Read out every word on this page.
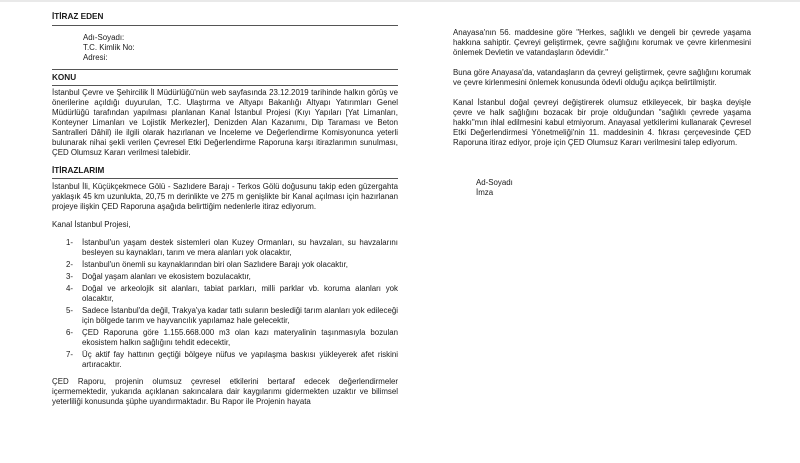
İTİRAZ EDEN

Adı-Soyadı:

T.C. Kimlik No:

Adresi:

KONU

İstanbul Çevre ve Şehircilik İl Müdürlüğü'nün web sayfasında 23.12.2019 tarihinde halkın görüş ve önerilerine açıldığı duyurulan, T.C. Ulaştırma ve Altyapı Bakanlığı Altyapı Yatırımları Genel Müdürlüğü tarafından yapılması planlanan Kanal İstanbul Projesi (Kıyı Yapıları [Yat Limanları, Konteyner Limanları ve Lojistik Merkezler], Denizden Alan Kazanımı, Dip Taraması ve Beton Santralleri Dâhil) ile ilgili olarak hazırlanan ve İnceleme ve Değerlendirme Komisyonunca yeterli bulunarak nihai şekli verilen Çevresel Etki Değerlendirme Raporuna karşı itirazlarımın sunulması, ÇED Olumsuz Kararı verilmesi talebidir.

İTİRAZLARIM

İstanbul İli, Küçükçekmece Gölü - Sazlıdere Barajı - Terkos Gölü doğusunu takip eden güzergahta yaklaşık 45 km uzunlukta, 20,75 m derinlikte ve 275 m genişlikte bir Kanal açılması için hazırlanan projeye ilişkin ÇED Raporuna aşağıda belirttiğim nedenlerle itiraz ediyorum.

Kanal İstanbul Projesi,

1- İstanbul'un yaşam destek sistemleri olan Kuzey Ormanları, su havzaları, su havzalarını besleyen su kaynakları, tarım ve mera alanları yok olacaktır,
2- İstanbul'un önemli su kaynaklarından biri olan Sazlıdere Barajı yok olacaktır,
3- Doğal yaşam alanları ve ekosistem bozulacaktır,
4- Doğal ve arkeolojik sit alanları, tabiat parkları, milli parklar vb. koruma alanları yok olacaktır,
5- Sadece İstanbul'da değil, Trakya'ya kadar tatlı suların beslediği tarım alanları yok edileceği için bölgede tarım ve hayvancılık yapılamaz hale gelecektir,
6- ÇED Raporuna göre 1.155.668.000 m3 olan kazı materyalinin taşınmasıyla bozulan ekosistem halkın sağlığını tehdit edecektir,
7- Üç aktif fay hattının geçtiği bölgeye nüfus ve yapılaşma baskısı yükleyerek afet riskini artıracaktır.

ÇED Raporu, projenin olumsuz çevresel etkilerini bertaraf edecek değerlendirmeler içermemektedir, yukarıda açıklanan sakıncalara dair kaygılarımı gidermekten uzaktır ve bilimsel yeterliliği konusunda şüphe uyandırmaktadır. Bu Rapor ile Projenin hayata

Anayasa'nın 56. maddesine göre "Herkes, sağlıklı ve dengeli bir çevrede yaşama hakkına sahiptir. Çevreyi geliştirmek, çevre sağlığını korumak ve çevre kirlenmesini önlemek Devletin ve vatandaşların ödevidir."

Buna göre Anayasa'da, vatandaşların da çevreyi geliştirmek, çevre sağlığını korumak ve çevre kirlenmesini önlemek konusunda ödevli olduğu açıkça belirtilmiştir.

Kanal İstanbul doğal çevreyi değiştirerek olumsuz etkileyecek, bir başka deyişle çevre ve halk sağlığını bozacak bir proje olduğundan "sağlıklı çevrede yaşama hakkı"mın ihlal edilmesini kabul etmiyorum. Anayasal yetkilerimi kullanarak Çevresel Etki Değerlendirmesi Yönetmeliği'nin 11. maddesinin 4. fıkrası çerçevesinde ÇED Raporuna itiraz ediyor, proje için ÇED Olumsuz Kararı verilmesini talep ediyorum.

Ad-Soyadı

İmza
